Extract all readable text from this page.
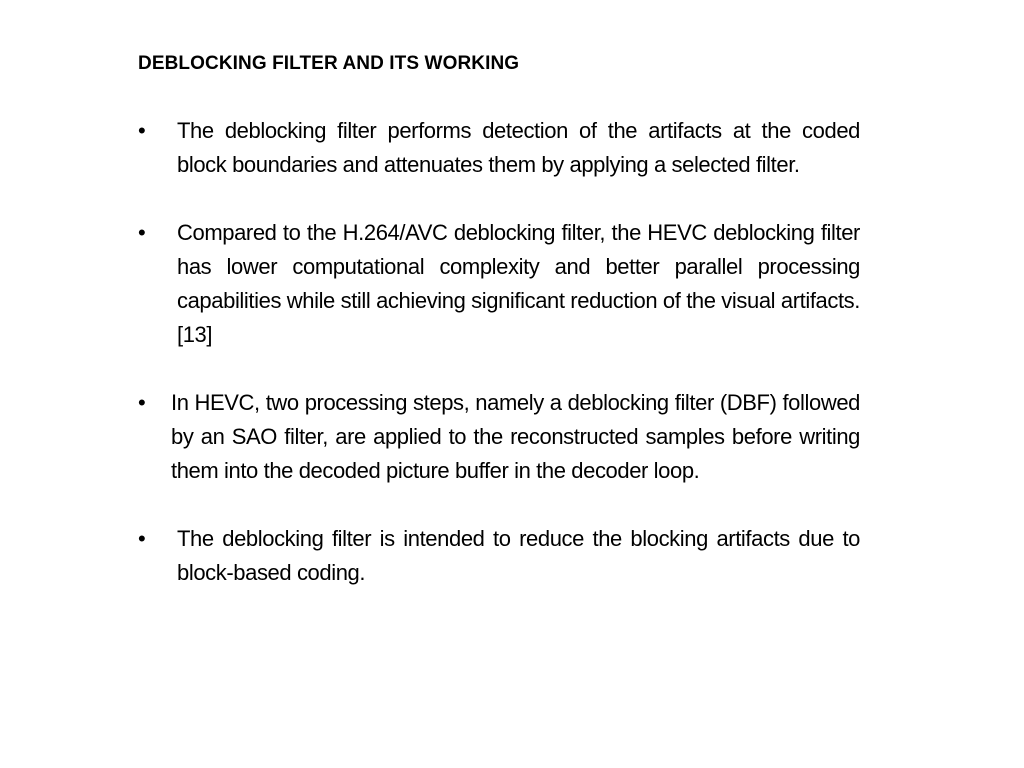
DEBLOCKING FILTER AND ITS WORKING
•	The deblocking filter performs detection of the artifacts at the coded block boundaries and attenuates them by applying a selected filter.
•	Compared to the H.264/AVC deblocking filter, the HEVC deblocking filter has lower computational complexity and better parallel processing capabilities while still achieving significant reduction of the visual artifacts. [13]
•	In HEVC, two processing steps, namely a deblocking filter (DBF) followed by an SAO filter, are applied to the reconstructed samples before writing them into the decoded picture buffer in the decoder loop.
•	The deblocking filter is intended to reduce the blocking artifacts due to block-based coding.
